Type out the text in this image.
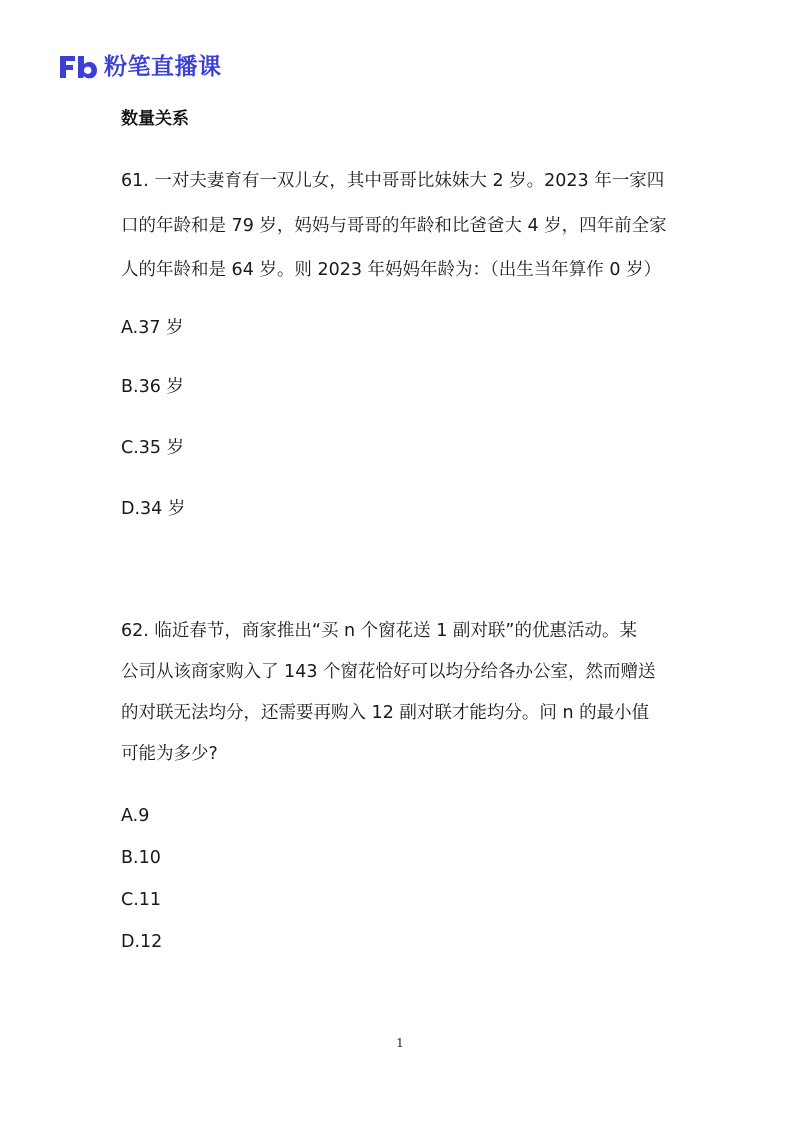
粉笔直播课
数量关系
61. 一对夫妻育有一双儿女，其中哥哥比妹妹大 2 岁。2023 年一家四
口的年龄和是 79 岁，妈妈与哥哥的年龄和比爸爸大 4 岁，四年前全家
人的年龄和是 64 岁。则 2023 年妈妈年龄为：（出生当年算作 0 岁）
A.37 岁
B.36 岁
C.35 岁
D.34 岁
62. 临近春节，商家推出“买 n 个窗花送 1 副对联”的优惠活动。某
公司从该商家购入了 143 个窗花恰好可以均分给各办公室，然而赠送
的对联无法均分，还需要再购入 12 副对联才能均分。问 n 的最小值
可能为多少?
A.9
B.10
C.11
D.12
1
